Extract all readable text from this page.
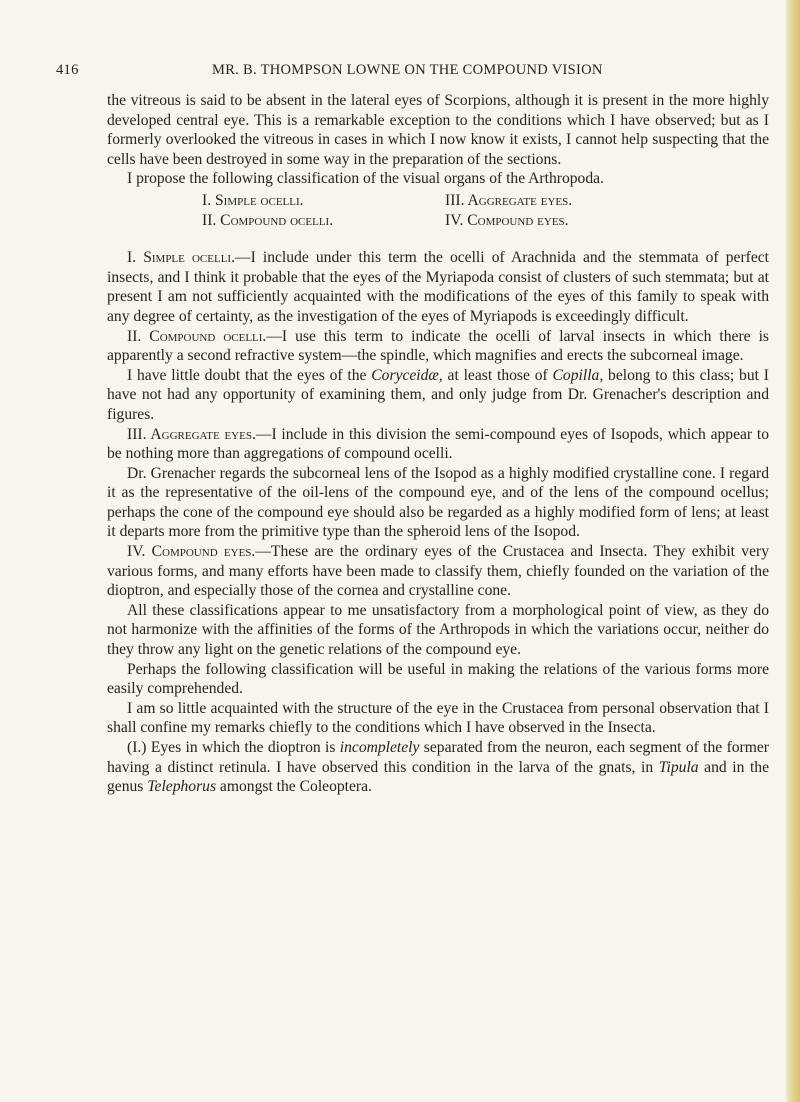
416	MR. B. THOMPSON LOWNE ON THE COMPOUND VISION

the vitreous is said to be absent in the lateral eyes of Scorpions, although it is present in the more highly developed central eye. This is a remarkable exception to the conditions which I have observed; but as I formerly overlooked the vitreous in cases in which I now know it exists, I cannot help suspecting that the cells have been destroyed in some way in the preparation of the sections.

I propose the following classification of the visual organs of the Arthropoda.

I. Simple ocelli.	III. Aggregate eyes.
II. Compound ocelli.	IV. Compound eyes.

I. Simple ocelli.—I include under this term the ocelli of Arachnida and the stemmata of perfect insects, and I think it probable that the eyes of the Myriapoda consist of clusters of such stemmata; but at present I am not sufficiently acquainted with the modifications of the eyes of this family to speak with any degree of certainty, as the investigation of the eyes of Myriapods is exceedingly difficult.

II. Compound ocelli.—I use this term to indicate the ocelli of larval insects in which there is apparently a second refractive system—the spindle, which magnifies and erects the subcorneal image.

I have little doubt that the eyes of the Coryceidæ, at least those of Copilla, belong to this class; but I have not had any opportunity of examining them, and only judge from Dr. Grenacher's description and figures.

III. Aggregate eyes.—I include in this division the semi-compound eyes of Isopods, which appear to be nothing more than aggregations of compound ocelli.

Dr. Grenacher regards the subcorneal lens of the Isopod as a highly modified crystalline cone. I regard it as the representative of the oil-lens of the compound eye, and of the lens of the compound ocellus; perhaps the cone of the compound eye should also be regarded as a highly modified form of lens; at least it departs more from the primitive type than the spheroid lens of the Isopod.

IV. Compound eyes.—These are the ordinary eyes of the Crustacea and Insecta. They exhibit very various forms, and many efforts have been made to classify them, chiefly founded on the variation of the dioptron, and especially those of the cornea and crystalline cone.

All these classifications appear to me unsatisfactory from a morphological point of view, as they do not harmonize with the affinities of the forms of the Arthropods in which the variations occur, neither do they throw any light on the genetic relations of the compound eye.

Perhaps the following classification will be useful in making the relations of the various forms more easily comprehended.

I am so little acquainted with the structure of the eye in the Crustacea from personal observation that I shall confine my remarks chiefly to the conditions which I have observed in the Insecta.

(I.) Eyes in which the dioptron is incompletely separated from the neuron, each segment of the former having a distinct retinula. I have observed this condition in the larva of the gnats, in Tipula and in the genus Telephorus amongst the Coleoptera.
